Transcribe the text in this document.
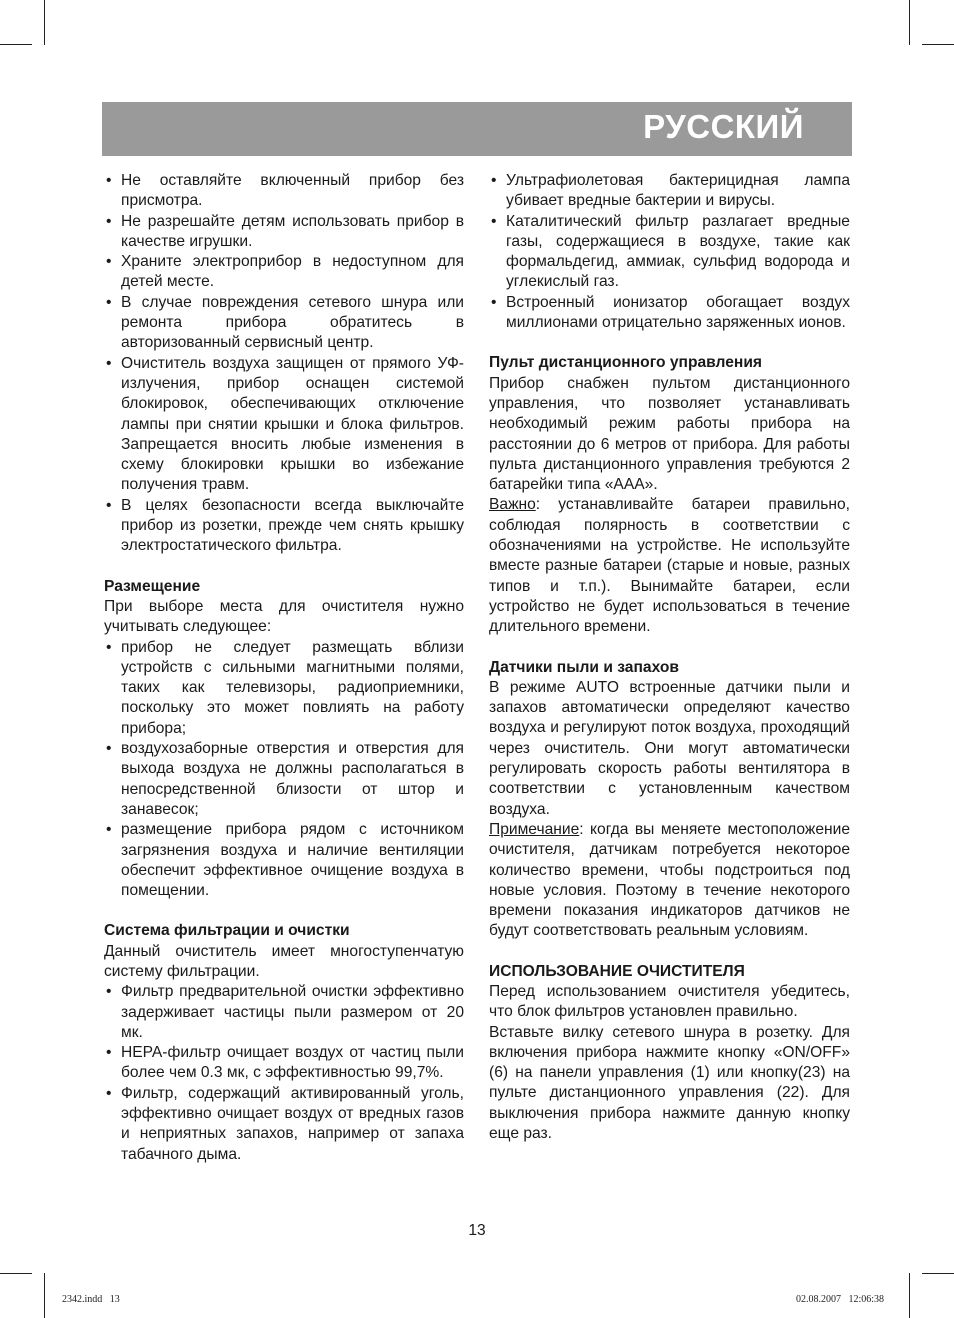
РУССКИЙ
• Не оставляйте включенный прибор без присмотра.
• Не разрешайте детям использовать прибор в качестве игрушки.
• Храните электроприбор в недоступном для детей месте.
• В случае повреждения сетевого шнура или ремонта прибора обратитесь в авторизованный сервисный центр.
• Очиститель воздуха защищен от прямого УФ-излучения, прибор оснащен системой блокировок, обеспечивающих отключение лампы при снятии крышки и блока фильтров. Запрещается вносить любые изменения в схему блокировки крышки во избежание получения травм.
• В целях безопасности всегда выключайте прибор из розетки, прежде чем снять крышку электростатического фильтра.
Размещение

При выборе места для очистителя нужно учитывать следующее:

• прибор не следует размещать вблизи устройств с сильными магнитными полями, таких как телевизоры, радиоприемники, поскольку это может повлиять на работу прибора;
• воздухозаборные отверстия и отверстия для выхода воздуха не должны располагаться в непосредственной близости от штор и занавесок;
• размещение прибора рядом с источником загрязнения воздуха и наличие вентиляции обеспечит эффективное очищение воздуха в помещении.
Система фильтрации и очистки

Данный очиститель имеет многоступенчатую систему фильтрации.

• Фильтр предварительной очистки эффективно задерживает частицы пыли размером от 20 мк.
• HEPA-фильтр очищает воздух от частиц пыли более чем 0.3 мк, с эффективностью 99,7%.
• Фильтр, содержащий активированный уголь, эффективно очищает воздух от вредных газов и неприятных запахов, например от запаха табачного дыма.
• Ультрафиолетовая бактерицидная лампа убивает вредные бактерии и вирусы.
• Каталитический фильтр разлагает вредные газы, содержащиеся в воздухе, такие как формальдегид, аммиак, сульфид водорода и углекислый газ.
• Встроенный ионизатор обогащает воздух миллионами отрицательно заряженных ионов.
Пульт дистанционного управления

Прибор снабжен пультом дистанционного управления, что позволяет устанавливать необходимый режим работы прибора на расстоянии до 6 метров от прибора. Для работы пульта дистанционного управления требуются 2 батарейки типа «AAA».

Важно: устанавливайте батареи правильно, соблюдая полярность в соответствии с обозначениями на устройстве. Не используйте вместе разные батареи (старые и новые, разных типов и т.п.). Вынимайте батареи, если устройство не будет использоваться в течение длительного времени.

Датчики пыли и запахов

В режиме AUTO встроенные датчики пыли и запахов автоматически определяют качество воздуха и регулируют поток воздуха, проходящий через очиститель. Они могут автоматически регулировать скорость работы вентилятора в соответствии с установленным качеством воздуха.

Примечание: когда вы меняете местоположение очистителя, датчикам потребуется некоторое количество времени, чтобы подстроиться под новые условия. Поэтому в течение некоторого времени показания индикаторов датчиков не будут соответствовать реальным условиям.

ИСПОЛЬЗОВАНИЕ ОЧИСТИТЕЛЯ

Перед использованием очистителя убедитесь, что блок фильтров установлен правильно.

Вставьте вилку сетевого шнура в розетку. Для включения прибора нажмите кнопку «ON/OFF» (6) на панели управления (1) или кнопку(23) на пульте дистанционного управления (22). Для выключения прибора нажмите данную кнопку еще раз.

13
2342.indd   13	02.08.2007   12:06:38
